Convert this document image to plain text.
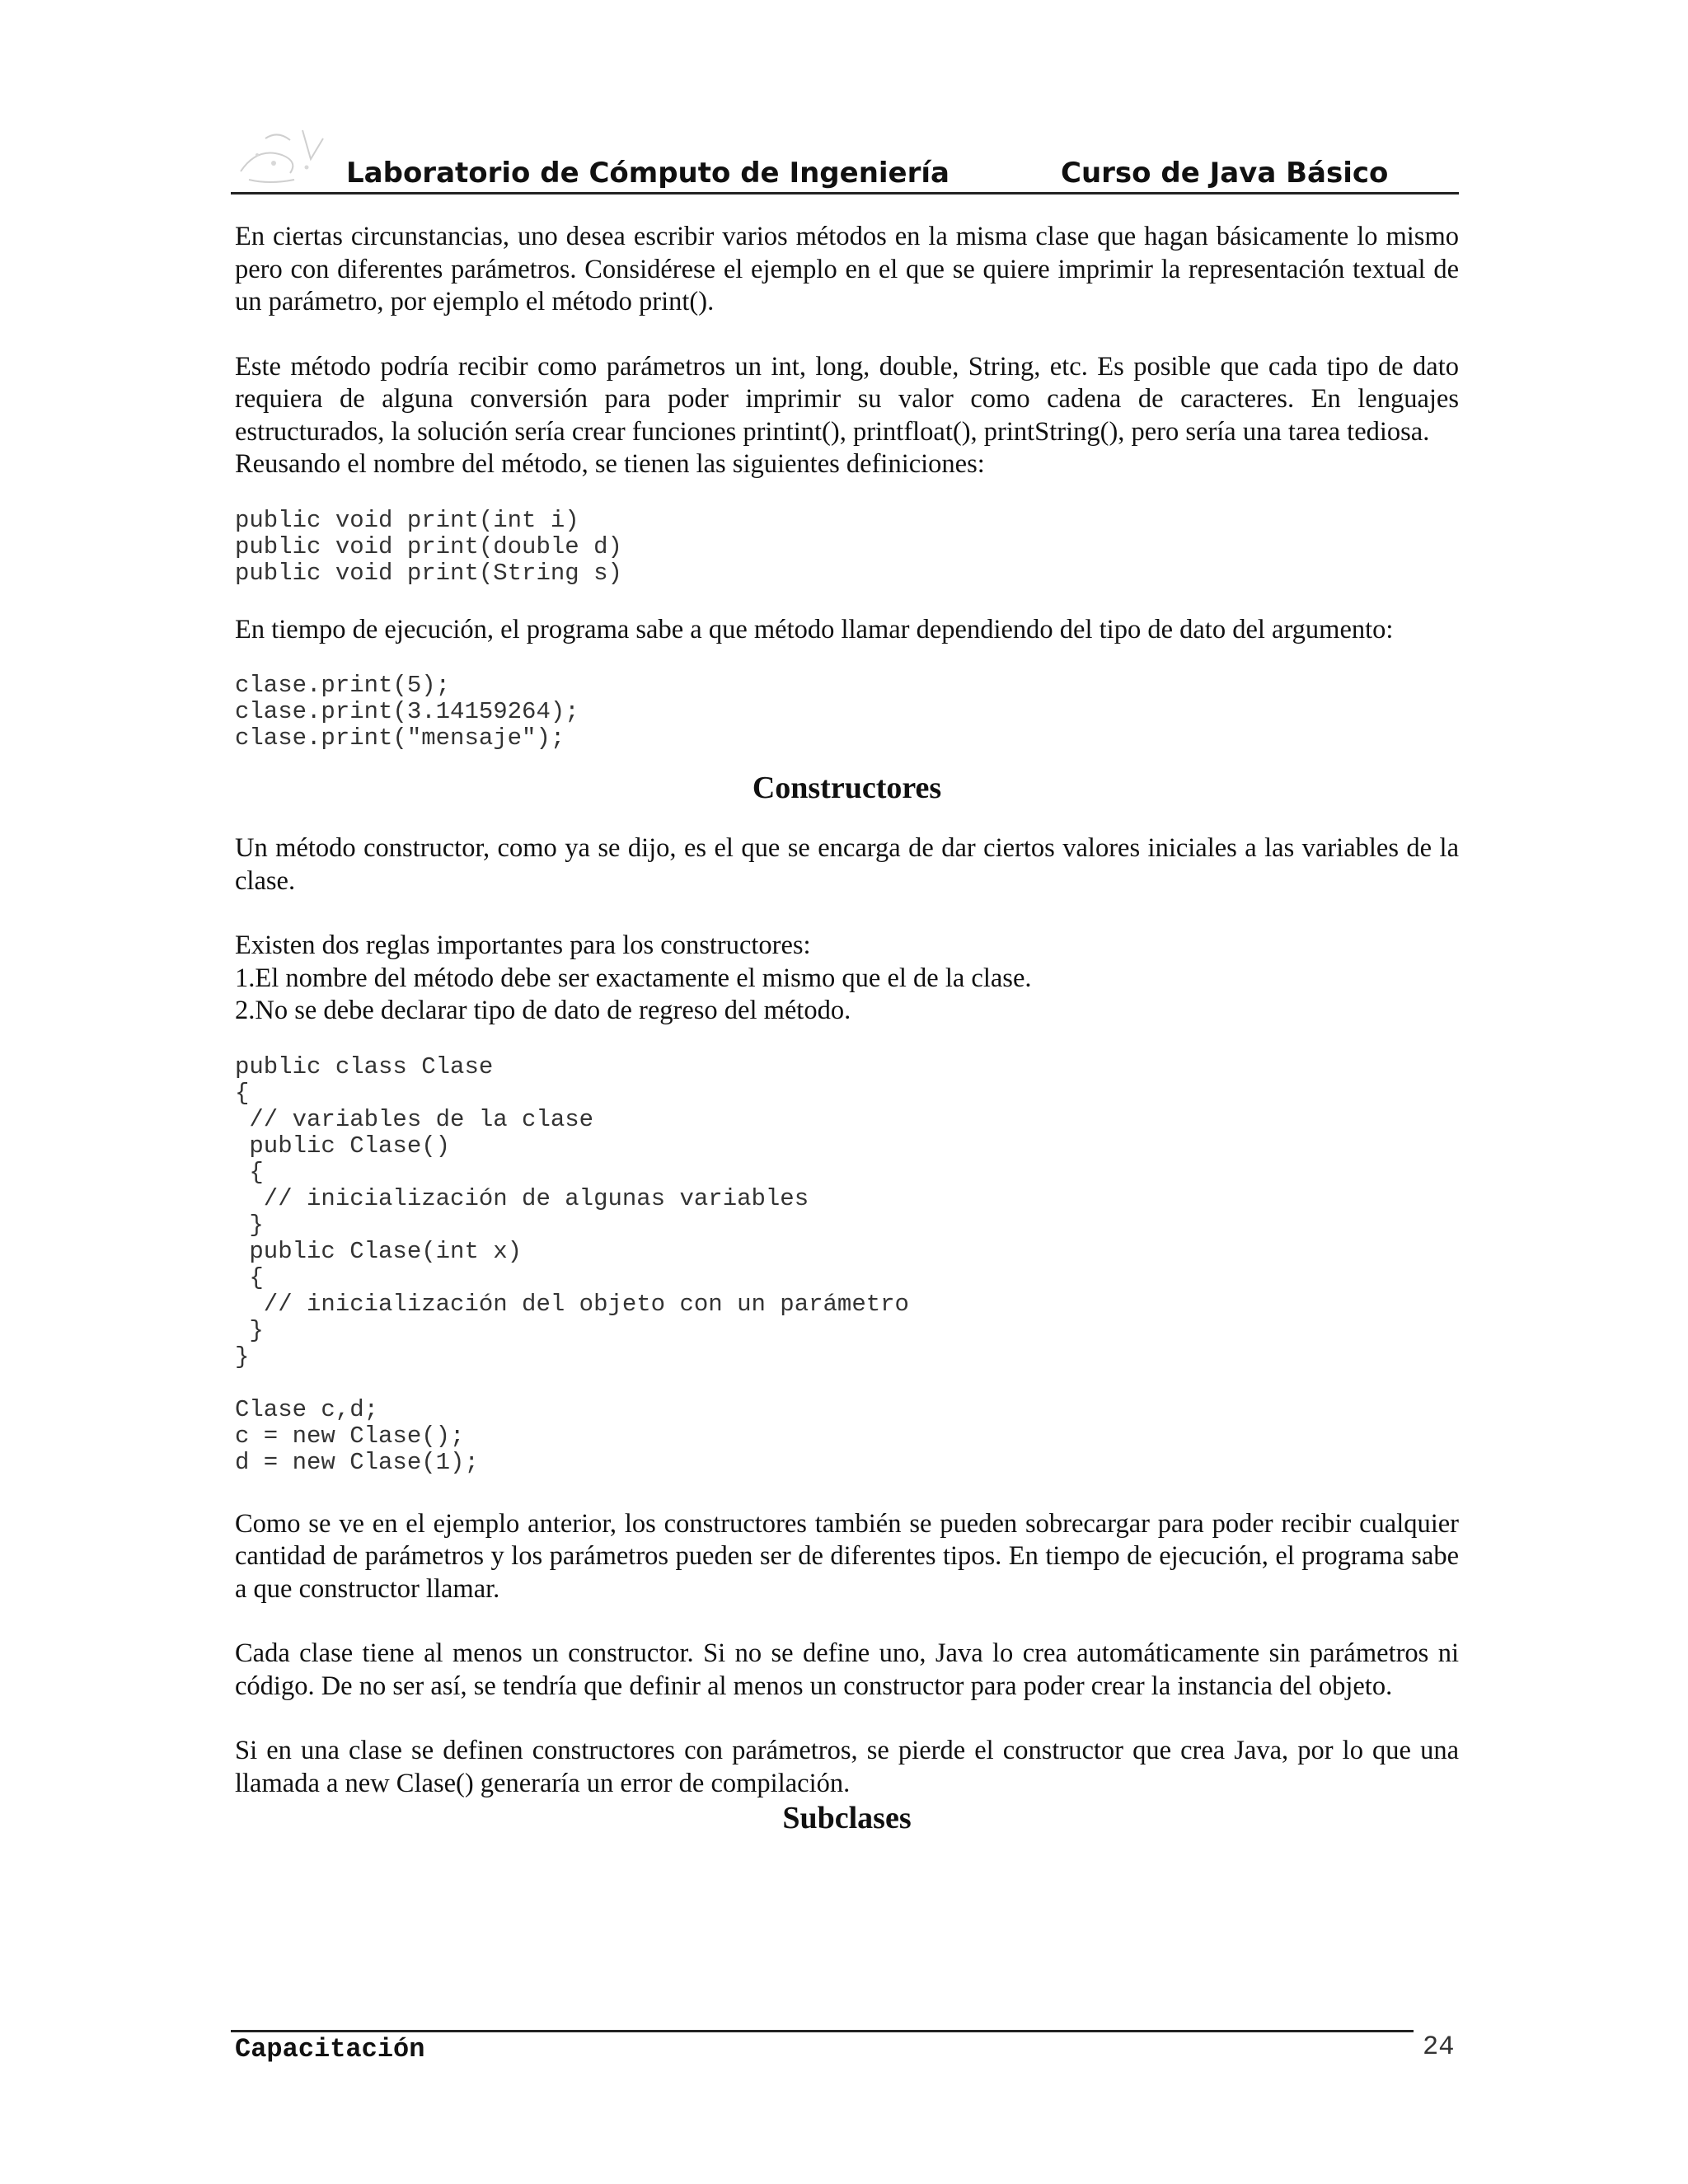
Laboratorio de Cómputo de Ingeniería	Curso de Java Básico

En ciertas circunstancias, uno desea escribir varios métodos en la misma clase que hagan básicamente lo mismo pero con diferentes parámetros. Considérese el ejemplo en el que se quiere imprimir la representación textual de un parámetro, por ejemplo el método print().

Este método podría recibir como parámetros un int, long, double, String, etc. Es posible que cada tipo de dato requiera de alguna conversión para poder imprimir su valor como cadena de caracteres. En lenguajes estructurados, la solución sería crear funciones printint(), printfloat(), printString(), pero sería una tarea tediosa.

Reusando el nombre del método, se tienen las siguientes definiciones:

public void print(int i)
public void print(double d)
public void print(String s)

En tiempo de ejecución, el programa sabe a que método llamar dependiendo del tipo de dato del argumento:

clase.print(5);
clase.print(3.14159264);
clase.print("mensaje");
Constructores

Un método constructor, como ya se dijo, es el que se encarga de dar ciertos valores iniciales a las variables de la clase.

Existen dos reglas importantes para los constructores:

1.El nombre del método debe ser exactamente el mismo que el de la clase.

2.No se debe declarar tipo de dato de regreso del método.

public class Clase
{
// variables de la clase
public Clase()
{
// inicialización de algunas variables
}
public Clase(int x)
{
// inicialización del objeto con un parámetro
}
}
Clase c,d;
c = new Clase();
d = new Clase(1);

Como se ve en el ejemplo anterior, los constructores también se pueden sobrecargar para poder recibir cualquier cantidad de parámetros y los parámetros pueden ser de diferentes tipos. En tiempo de ejecución, el programa sabe a que constructor llamar.

Cada clase tiene al menos un constructor. Si no se define uno, Java lo crea automáticamente sin parámetros ni código. De no ser así, se tendría que definir al menos un constructor para poder crear la instancia del objeto.

Si en una clase se definen constructores con parámetros, se pierde el constructor que crea Java, por lo que una llamada a new Clase() generaría un error de compilación.

Subclases
Capacitación	24
